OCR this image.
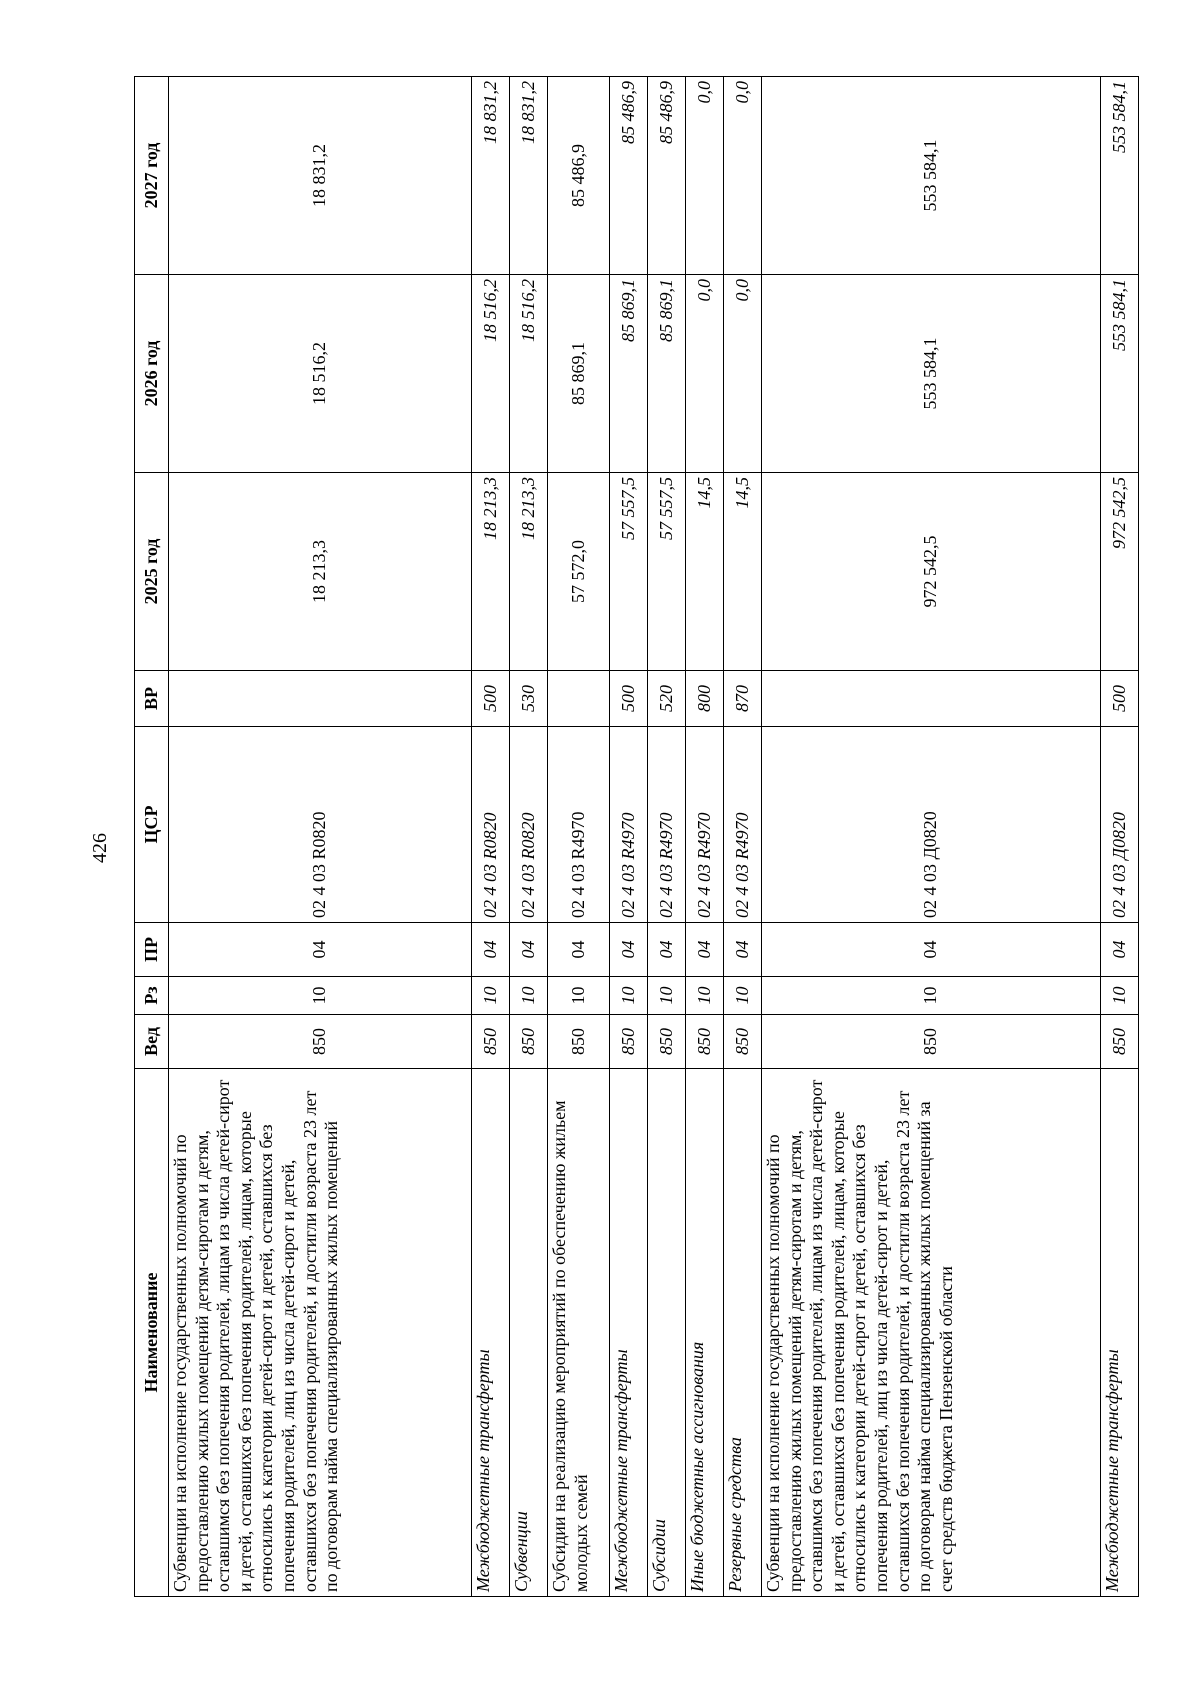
426
Наименование	Вед	Рз	ПР	ЦСР	ВР	2025 год	2026 год	2027 год
Субвенции на исполнение государственных полномочий по предоставлению жилых помещений детям-сиротам и детям, оставшимся без попечения родителей, лицам из числа детей-сирот и детей, оставшихся без попечения родителей, лицам, которые относились к категории детей-сирот и детей, оставшихся без попечения родителей, лиц из числа детей-сирот и детей, оставшихся без попечения родителей, и достигли возраста 23 лет по договорам найма специализированных жилых помещений	850	10	04	02 4 03 R0820		18 213,3	18 516,2	18 831,2
Межбюджетные трансферты	850	10	04	02 4 03 R0820	500	18 213,3	18 516,2	18 831,2
Субвенции	850	10	04	02 4 03 R0820	530	18 213,3	18 516,2	18 831,2
Субсидии на реализацию мероприятий по обеспечению жильем молодых семей	850	10	04	02 4 03 R4970		57 572,0	85 869,1	85 486,9
Межбюджетные трансферты	850	10	04	02 4 03 R4970	500	57 557,5	85 869,1	85 486,9
Субсидии	850	10	04	02 4 03 R4970	520	57 557,5	85 869,1	85 486,9
Иные бюджетные ассигнования	850	10	04	02 4 03 R4970	800	14,5	0,0	0,0
Резервные средства	850	10	04	02 4 03 R4970	870	14,5	0,0	0,0
Субвенции на исполнение государственных полномочий по предоставлению жилых помещений детям-сиротам и детям, оставшимся без попечения родителей, лицам из числа детей-сирот и детей, оставшихся без попечения родителей, лицам, которые относились к категории детей-сирот и детей, оставшихся без попечения родителей, лиц из числа детей-сирот и детей, оставшихся без попечения родителей, и достигли возраста 23 лет по договорам найма специализированных жилых помещений за счет средств бюджета Пензенской области	850	10	04	02 4 03 Д0820		972 542,5	553 584,1	553 584,1
Межбюджетные трансферты	850	10	04	02 4 03 Д0820	500	972 542,5	553 584,1	553 584,1
